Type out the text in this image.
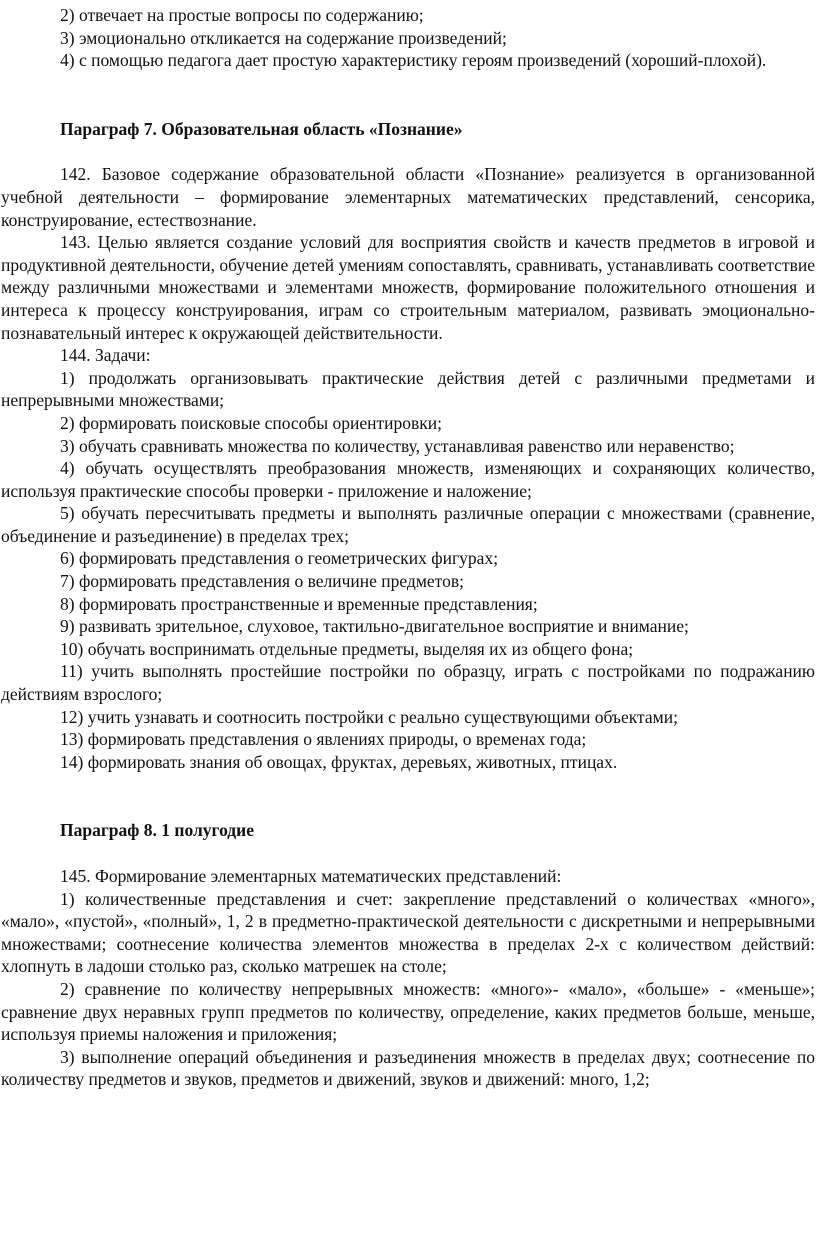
2) отвечает на простые вопросы по содержанию;

3) эмоционально откликается на содержание произведений;

4) с помощью педагога дает простую характеристику героям произведений (хороший-плохой).

Параграф 7. Образовательная область «Познание»

142. Базовое содержание образовательной области «Познание» реализуется в организованной учебной деятельности – формирование элементарных математических представлений, сенсорика, конструирование, естествознание.

143. Целью является создание условий для восприятия свойств и качеств предметов в игровой и продуктивной деятельности, обучение детей умениям сопоставлять, сравнивать, устанавливать соответствие между различными множествами и элементами множеств, формирование положительного отношения и интереса к процессу конструирования, играм со строительным материалом, развивать эмоционально-познавательный интерес к окружающей действительности.

144. Задачи:

1) продолжать организовывать практические действия детей с различными предметами и непрерывными множествами;

2) формировать поисковые способы ориентировки;

3) обучать сравнивать множества по количеству, устанавливая равенство или неравенство;

4) обучать осуществлять преобразования множеств, изменяющих и сохраняющих количество, используя практические способы проверки - приложение и наложение;

5) обучать пересчитывать предметы и выполнять различные операции с множествами (сравнение, объединение и разъединение) в пределах трех;

6) формировать представления о геометрических фигурах;

7) формировать представления о величине предметов;

8) формировать пространственные и временные представления;

9) развивать зрительное, слуховое, тактильно-двигательное восприятие и внимание;

10) обучать воспринимать отдельные предметы, выделяя их из общего фона;

11) учить выполнять простейшие постройки по образцу, играть с постройками по подражанию действиям взрослого;

12) учить узнавать и соотносить постройки с реально существующими объектами;

13) формировать представления о явлениях природы, о временах года;

14) формировать знания об овощах, фруктах, деревьях, животных, птицах.

Параграф 8. 1 полугодие

145. Формирование элементарных математических представлений:

1) количественные представления и счет: закрепление представлений о количествах «много», «мало», «пустой», «полный», 1, 2 в предметно-практической деятельности с дискретными и непрерывными множествами; соотнесение количества элементов множества в пределах 2-х с количеством действий: хлопнуть в ладоши столько раз, сколько матрешек на столе;

2) сравнение по количеству непрерывных множеств: «много»- «мало», «больше» - «меньше»; сравнение двух неравных групп предметов по количеству, определение, каких предметов больше, меньше, используя приемы наложения и приложения;

3) выполнение операций объединения и разъединения множеств в пределах двух; соотнесение по количеству предметов и звуков, предметов и движений, звуков и движений: много, 1,2;
